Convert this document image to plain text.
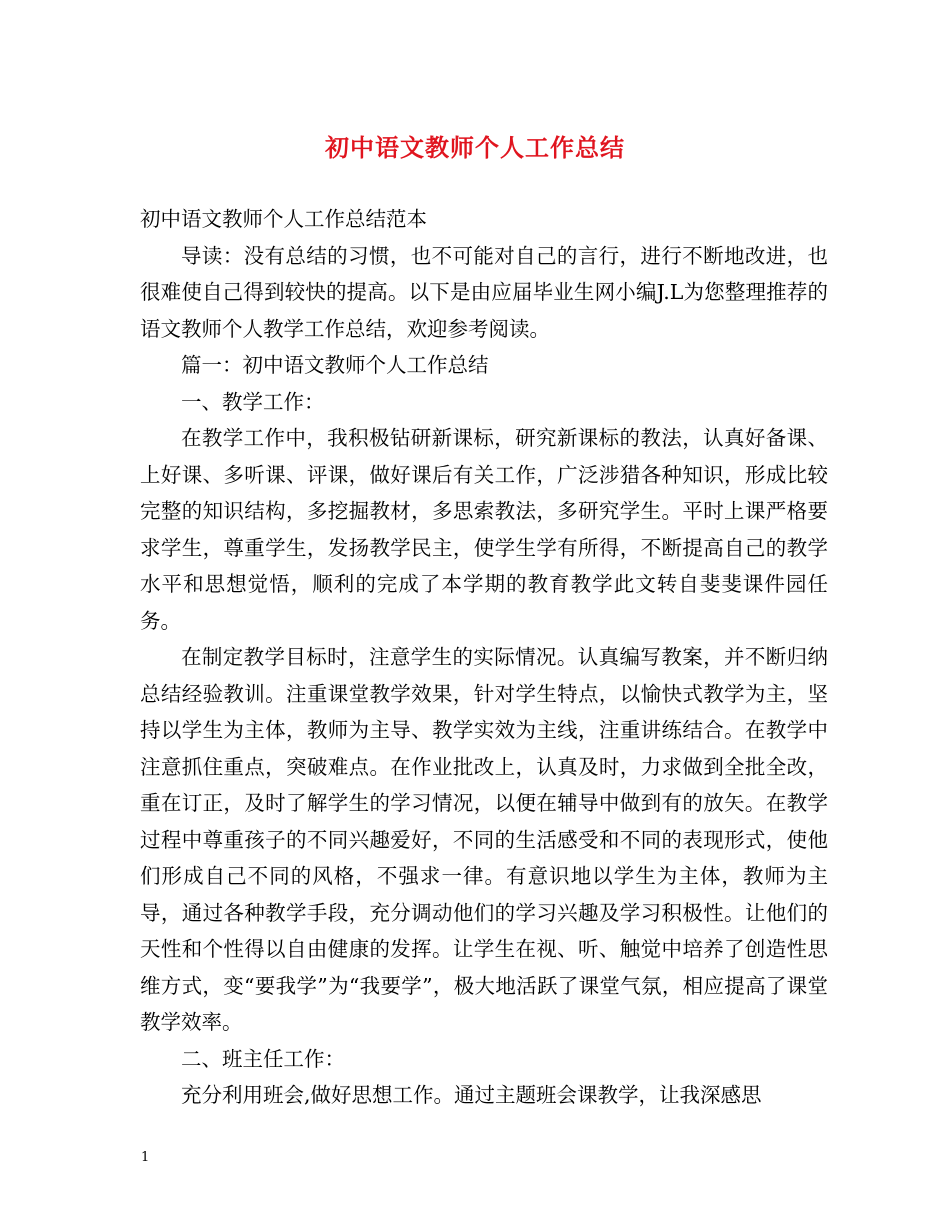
初中语文教师个人工作总结

初中语文教师个人工作总结范本

导读：没有总结的习惯，也不可能对自己的言行，进行不断地改进，也很难使自己得到较快的提高。以下是由应届毕业生网小编J.L为您整理推荐的语文教师个人教学工作总结，欢迎参考阅读。

篇一：初中语文教师个人工作总结

一、教学工作：

在教学工作中，我积极钻研新课标，研究新课标的教法，认真好备课、上好课、多听课、评课，做好课后有关工作，广泛涉猎各种知识，形成比较完整的知识结构，多挖掘教材，多思索教法，多研究学生。平时上课严格要求学生，尊重学生，发扬教学民主，使学生学有所得，不断提高自己的教学水平和思想觉悟，顺利的完成了本学期的教育教学此文转自斐斐课件园任务。

在制定教学目标时，注意学生的实际情况。认真编写教案，并不断归纳总结经验教训。注重课堂教学效果，针对学生特点，以愉快式教学为主，坚持以学生为主体，教师为主导、教学实效为主线，注重讲练结合。在教学中注意抓住重点，突破难点。在作业批改上，认真及时，力求做到全批全改，重在订正，及时了解学生的学习情况，以便在辅导中做到有的放矢。在教学过程中尊重孩子的不同兴趣爱好，不同的生活感受和不同的表现形式，使他们形成自己不同的风格，不强求一律。有意识地以学生为主体，教师为主导，通过各种教学手段，充分调动他们的学习兴趣及学习积极性。让他们的天性和个性得以自由健康的发挥。让学生在视、听、触觉中培养了创造性思维方式，变“要我学”为“我要学”，极大地活跃了课堂气氛，相应提高了课堂教学效率。

二、班主任工作：

充分利用班会,做好思想工作。通过主题班会课教学，让我深感思

1
